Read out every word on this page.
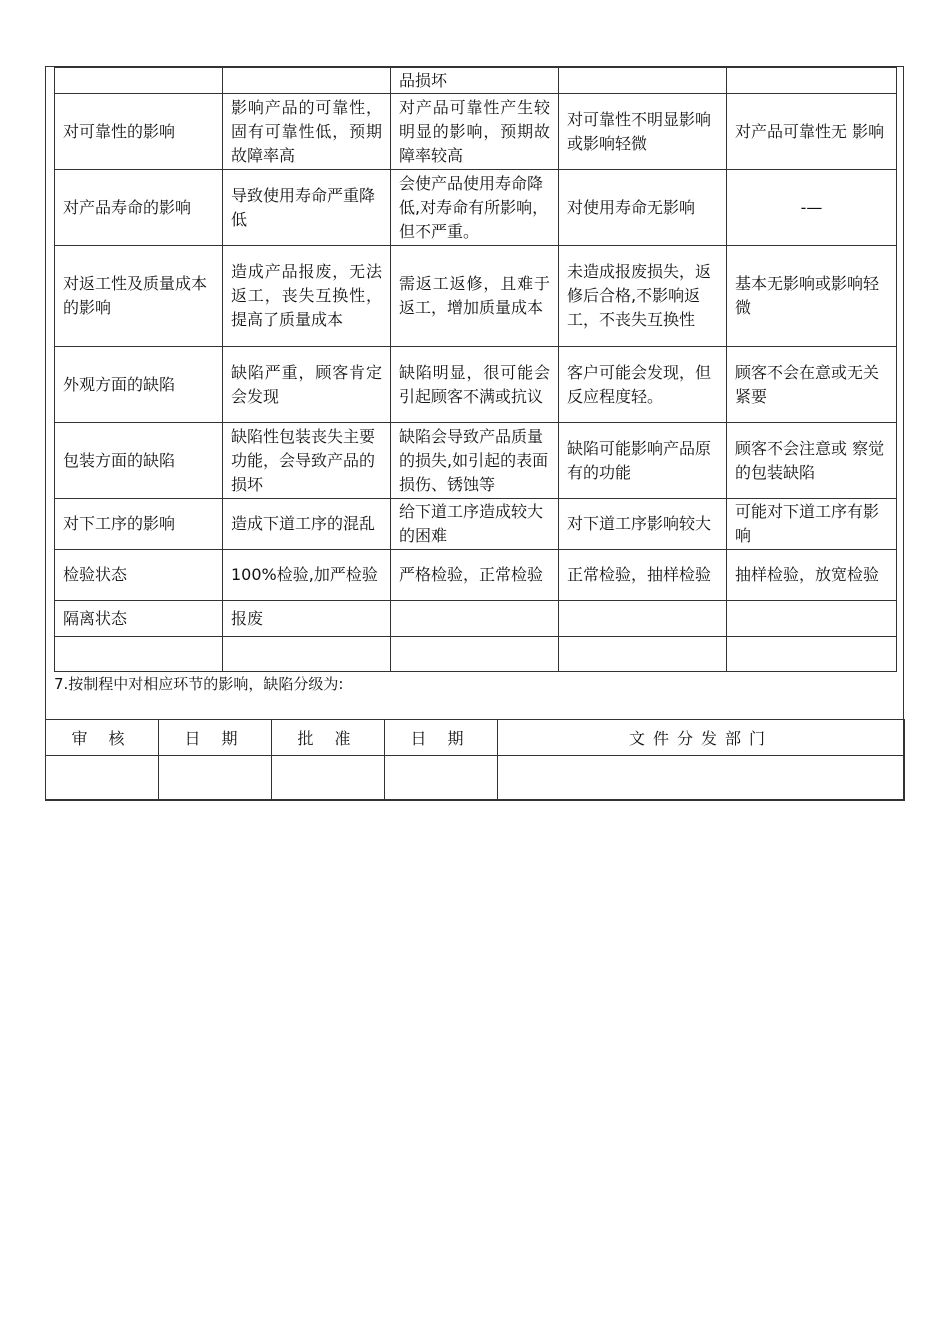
		品损坏		
对可靠性的影响	影响产品的可靠性，固有可靠性低，预期故障率高	对产品可靠性产生较明显的影响，预期故障率较高	对可靠性不明显影响或影响轻微	对产品可靠性无 影响
对产品寿命的影响	导致使用寿命严重降低	会使产品使用寿命降低,对寿命有所影响，但不严重。	对使用寿命无影响	-—
对返工性及质量成本的影响	造成产品报废，无法返工，丧失互换性，提高了质量成本	需返工返修，且难于返工，增加质量成本	未造成报废损失，返修后合格,不影响返工，不丧失互换性	基本无影响或影响轻微
外观方面的缺陷	缺陷严重，顾客肯定会发现	缺陷明显，很可能会引起顾客不满或抗议	客户可能会发现，但反应程度轻。	顾客不会在意或无关紧要
包装方面的缺陷	缺陷性包装丧失主要功能，会导致产品的损坏	缺陷会导致产品质量的损失,如引起的表面损伤、锈蚀等	缺陷可能影响产品原有的功能	顾客不会注意或 察觉的包装缺陷
对下工序的影响	造成下道工序的混乱	给下道工序造成较大的困难	对下道工序影响较大	可能对下道工序有影响
检验状态	100%检验,加严检验	严格检验，正常检验	正常检验，抽样检验	抽样检验，放宽检验
隔离状态	报废			

7.按制程中对相应环节的影响，缺陷分级为:
审 核	日 期	批 准	日 期	文件分发部门
